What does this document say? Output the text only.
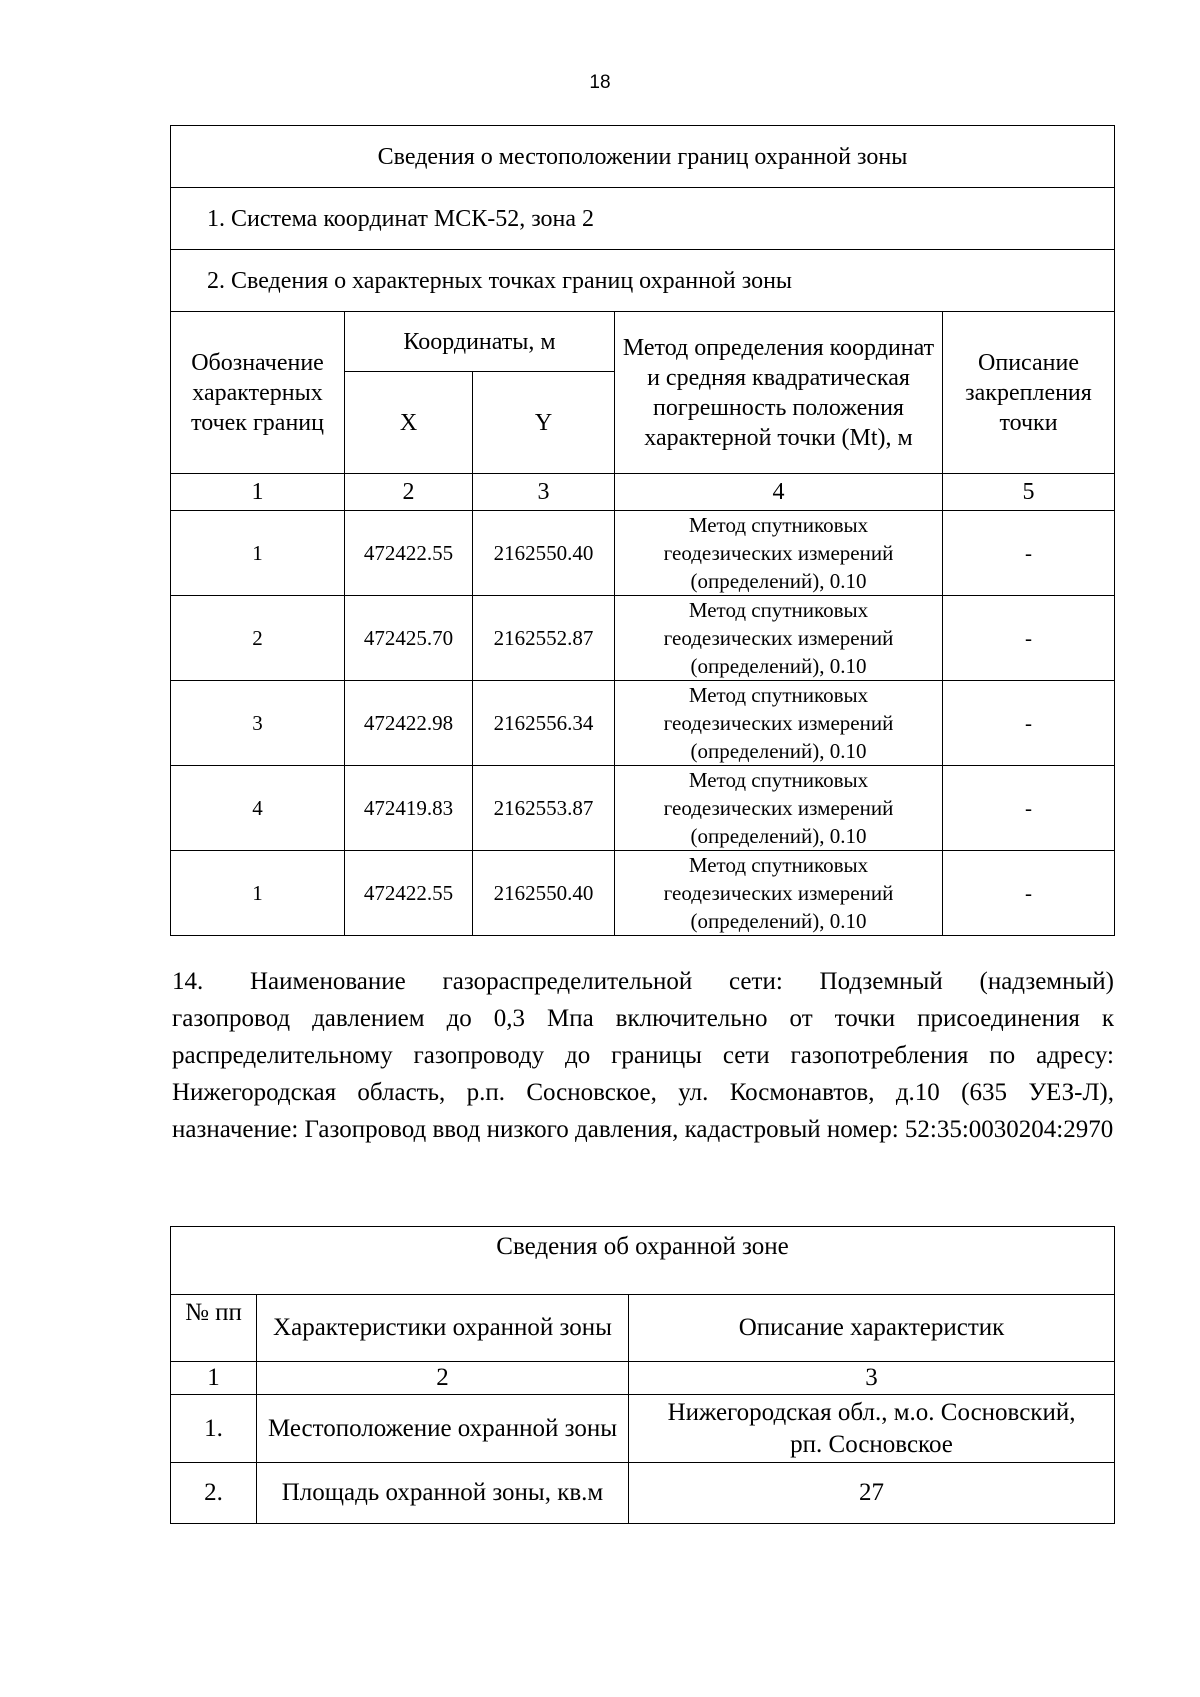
18
Сведения о местоположении границ охранной зоны				
1. Система координат МСК-52, зона 2				
2. Сведения о характерных точках границ охранной зоны				
Обозначение характерных точек границ	Координаты, м		Метод определения координат и средняя квадратическая погрешность положения характерной точки (Mt), м	Описание закрепления точки
	X	Y		
1	2	3	4	5
1	472422.55	2162550.40	Метод спутниковых
геодезических измерений
(определений), 0.10	-
2	472425.70	2162552.87	Метод спутниковых
геодезических измерений
(определений), 0.10	-
3	472422.98	2162556.34	Метод спутниковых
геодезических измерений
(определений), 0.10	-
4	472419.83	2162553.87	Метод спутниковых
геодезических измерений
(определений), 0.10	-
1	472422.55	2162550.40	Метод спутниковых
геодезических измерений
(определений), 0.10	-
14. Наименование газораспределительной сети: Подземный (надземный) газопровод давлением до 0,3 Мпа включительно от точки присоединения к распределительному газопроводу до границы сети газопотребления по адресу: Нижегородская область, р.п. Сосновское, ул. Космонавтов, д.10 (635 УЕЗ-Л), назначение: Газопровод ввод низкого давления, кадастровый номер: 52:35:0030204:2970
Сведения об охранной зоне		
№ пп	Характеристики охранной зоны	Описание характеристик
1	2	3
1.	Местоположение охранной зоны	Нижегородская обл., м.о. Сосновский,
рп. Сосновское

2.	Площадь охранной зоны, кв.м	27
